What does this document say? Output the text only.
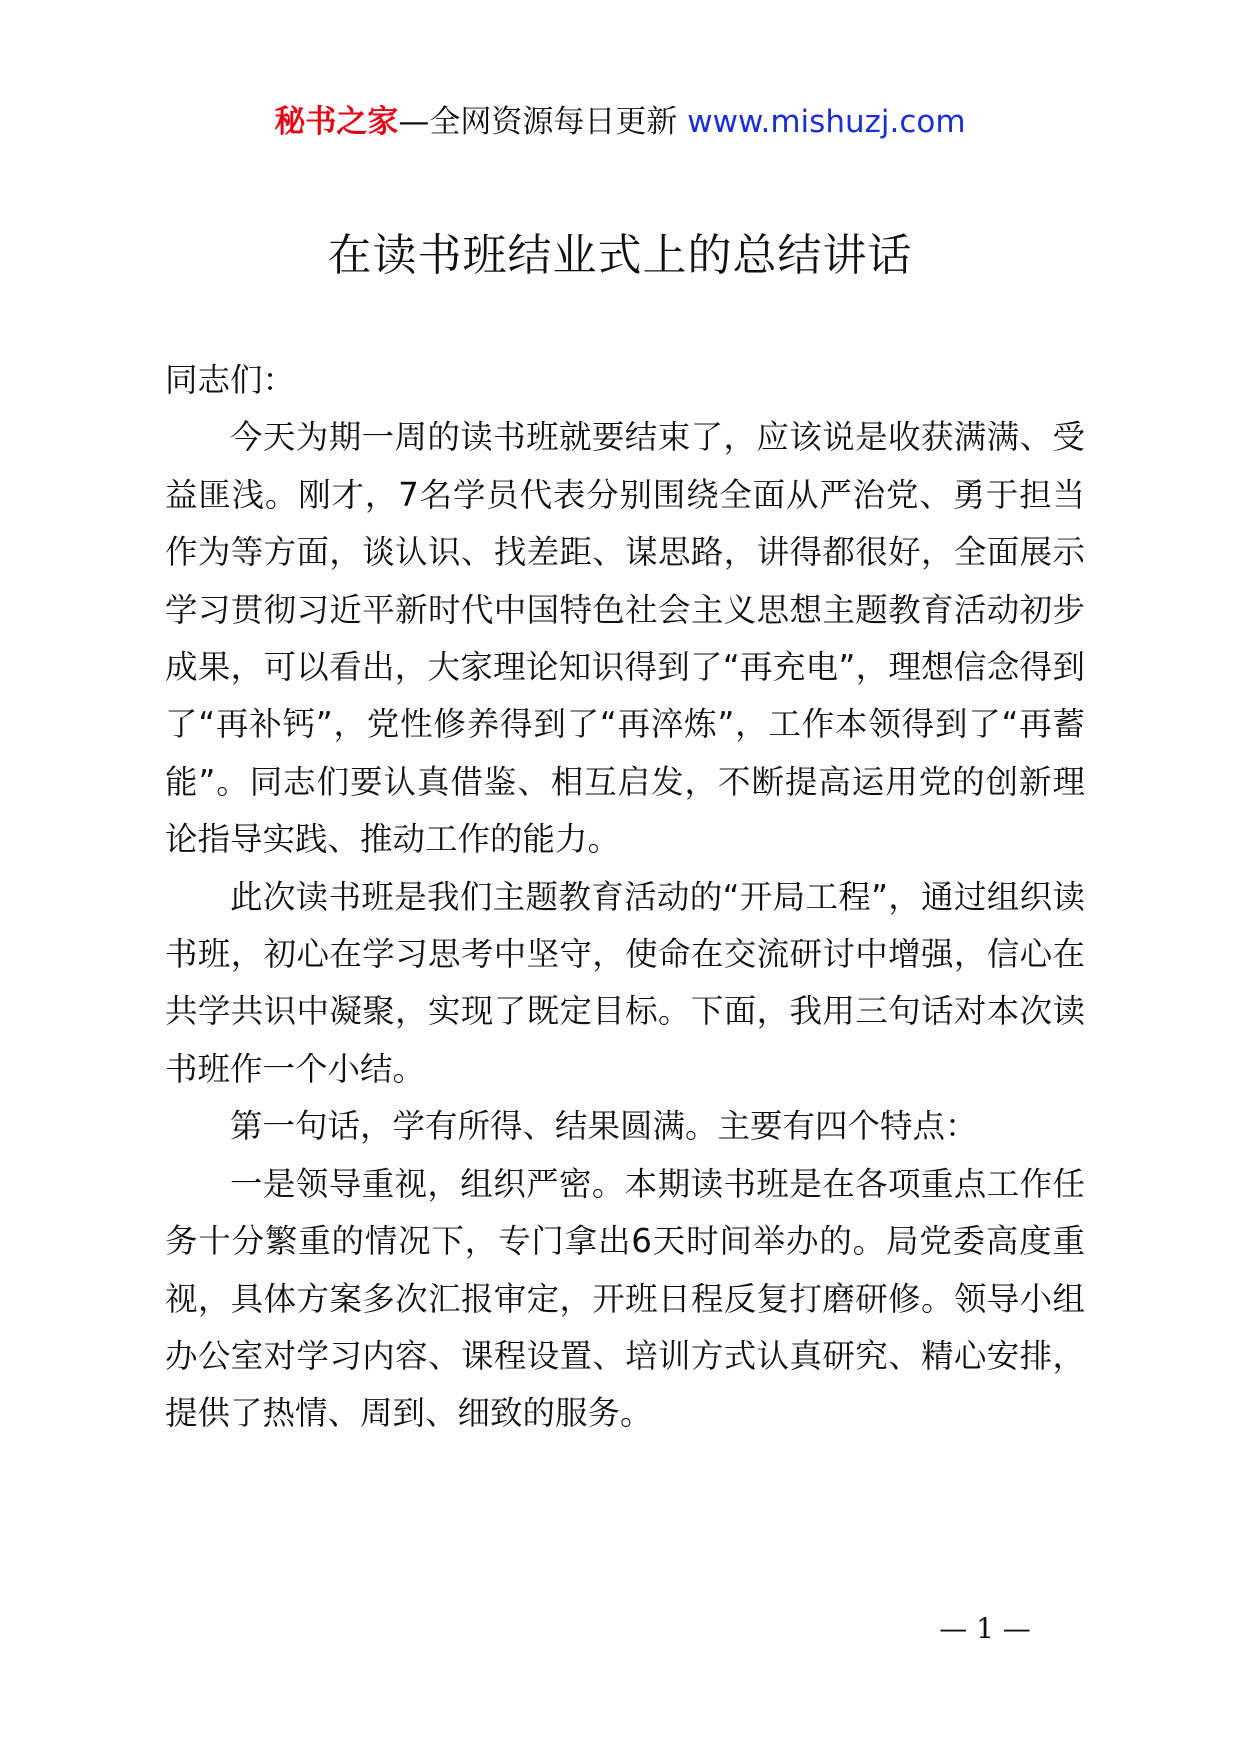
秘书之家—全网资源每日更新 www.mishuzj.com
在读书班结业式上的总结讲话

同志们：

今天为期一周的读书班就要结束了，应该说是收获满满、受益匪浅。刚才，7名学员代表分别围绕全面从严治党、勇于担当作为等方面，谈认识、找差距、谋思路，讲得都很好，全面展示学习贯彻习近平新时代中国特色社会主义思想主题教育活动初步成果，可以看出，大家理论知识得到了“再充电”，理想信念得到了“再补钙”，党性修养得到了“再淬炼”，工作本领得到了“再蓄能”。同志们要认真借鉴、相互启发，不断提高运用党的创新理论指导实践、推动工作的能力。

此次读书班是我们主题教育活动的“开局工程”，通过组织读书班，初心在学习思考中坚守，使命在交流研讨中增强，信心在共学共识中凝聚，实现了既定目标。下面，我用三句话对本次读书班作一个小结。

第一句话，学有所得、结果圆满。主要有四个特点：

一是领导重视，组织严密。本期读书班是在各项重点工作任务十分繁重的情况下，专门拿出6天时间举办的。局党委高度重视，具体方案多次汇报审定，开班日程反复打磨研修。领导小组办公室对学习内容、课程设置、培训方式认真研究、精心安排，提供了热情、周到、细致的服务。

— 1 —
